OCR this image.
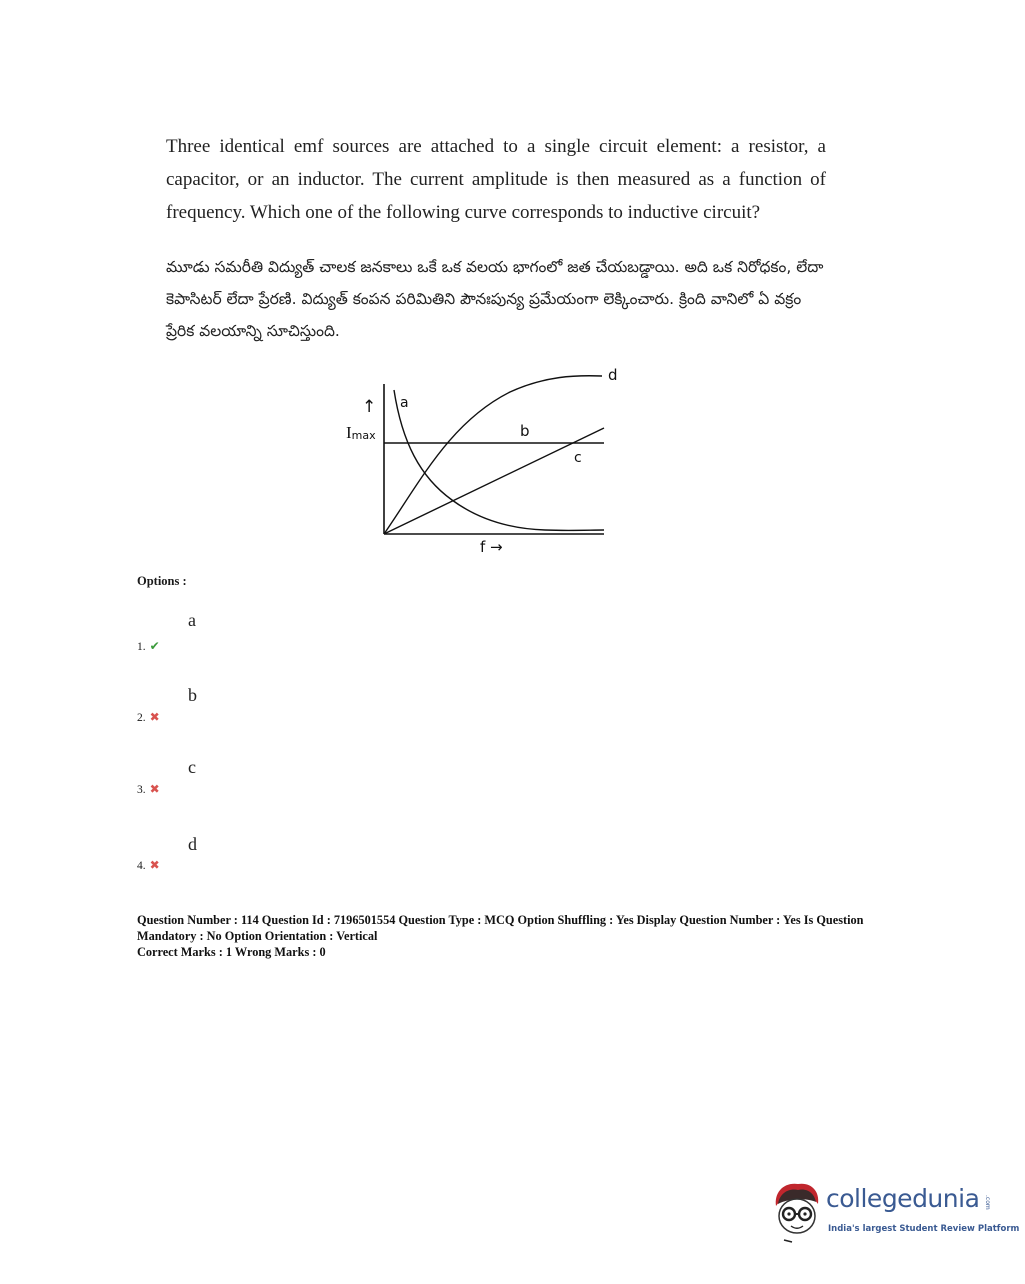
Three identical emf sources are attached to a single circuit element: a resistor, a capacitor, or an inductor. The current amplitude is then measured as a function of frequency. Which one of the following curve corresponds to inductive circuit?
మూడు సమరీతి విద్యుత్ చాలక జనకాలు ఒకే ఒక వలయ భాగంలో జత చేయబడ్డాయి. అది ఒక నిరోధకం, లేదా కెపాసిటర్ లేదా ప్రేరణి. విద్యుత్ కంపన పరిమితిని పౌనఃపున్య ప్రమేయంగా లెక్కించారు. క్రింది వానిలో ఏ వక్రం ప్రేరిక వలయాన్ని సూచిస్తుంది.
↑
Imax
a
b
c
d
f →
Options :
a
1. ✔
b
2. ✖
c
3. ✖
d
4. ✖
Question Number : 114 Question Id : 7196501554 Question Type : MCQ Option Shuffling : Yes Display Question Number : Yes Is Question Mandatory : No Option Orientation : Vertical
Correct Marks : 1 Wrong Marks : 0
collegedunia .com
India's largest Student Review Platform
